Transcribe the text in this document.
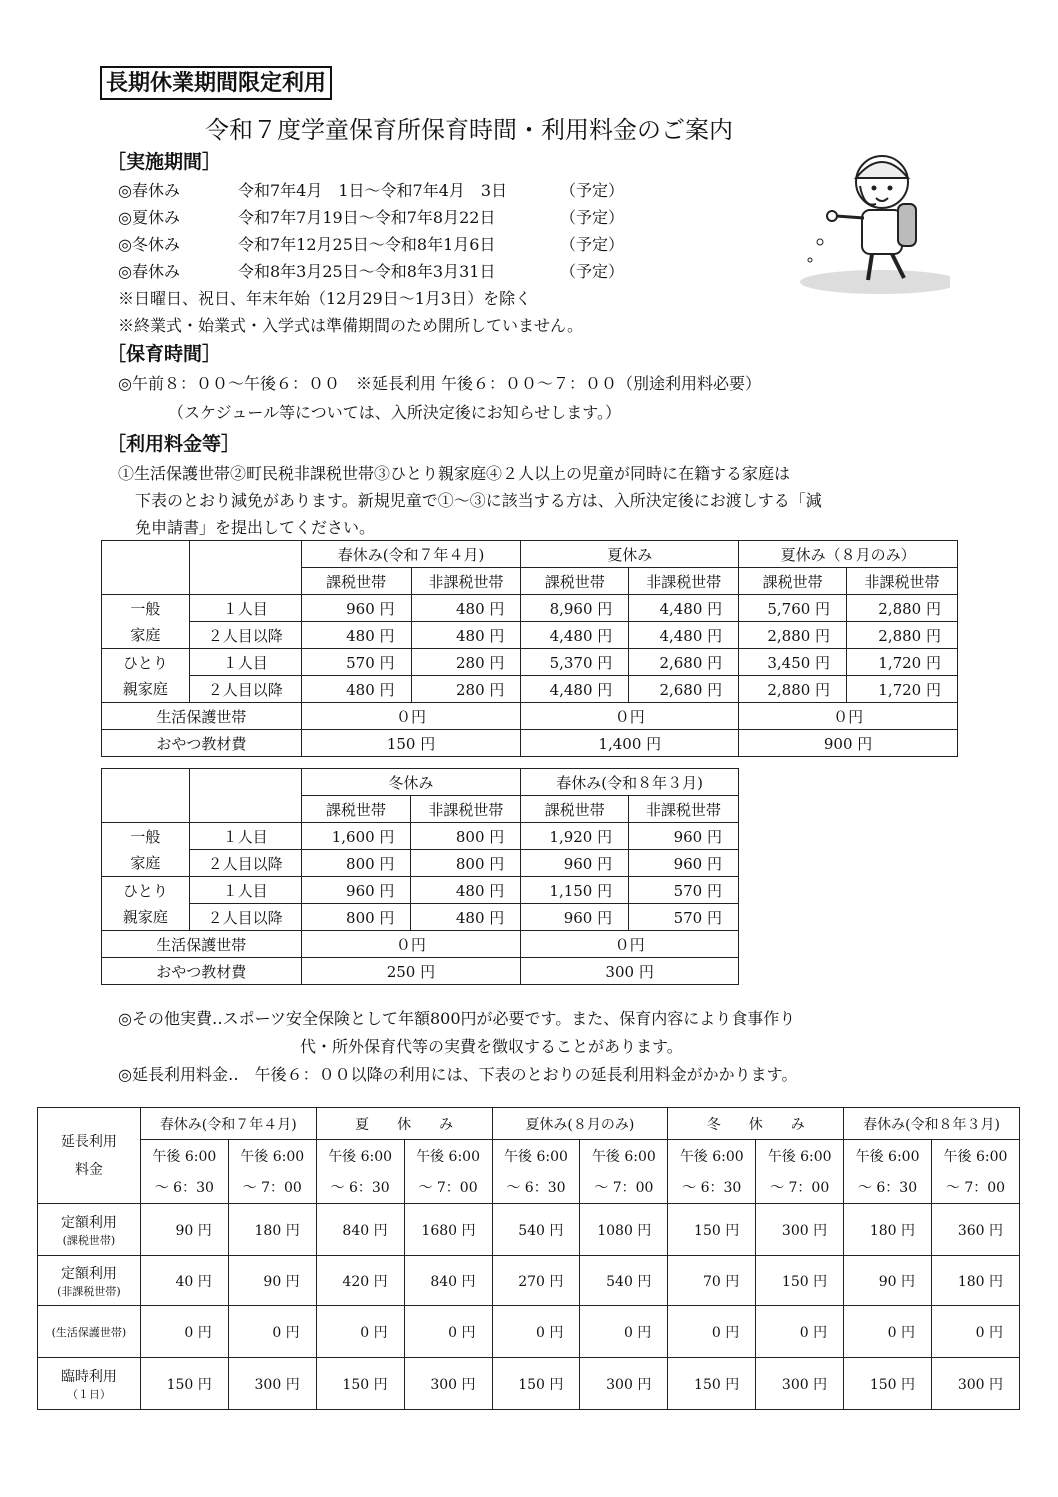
長期休業期間限定利用
令和７度学童保育所保育時間・利用料金のご案内
［実施期間］
◎春休み	令和7年4月　1日～令和7年4月　3日	（予定）
◎夏休み	令和7年7月19日～令和7年8月22日	（予定）
◎冬休み	令和7年12月25日～令和8年1月6日	（予定）
◎春休み	令和8年3月25日～令和8年3月31日	（予定）
※日曜日、祝日、年末年始（12月29日～1月3日）を除く
※終業式・始業式・入学式は準備期間のため開所していません。
［保育時間］
◎午前８：００～午後６：００　※延長利用 午後６：００～７：００（別途利用料必要）
（スケジュール等については、入所決定後にお知らせします。）
［利用料金等］
①生活保護世帯②町民税非課税世帯③ひとり親家庭④２人以上の児童が同時に在籍する家庭は
下表のとおり減免があります。新規児童で①～③に該当する方は、入所決定後にお渡しする「減
免申請書」を提出してください。
		春休み(令和７年４月)		夏休み		夏休み（８月のみ）	
		課税世帯	非課税世帯	課税世帯	非課税世帯	課税世帯	非課税世帯
一般
家庭	１人目	960 円	480 円	8,960 円	4,480 円	5,760 円	2,880 円
	２人目以降	480 円	480 円	4,480 円	4,480 円	2,880 円	2,880 円
ひとり
親家庭	１人目	570 円	280 円	5,370 円	2,680 円	3,450 円	1,720 円
	２人目以降	480 円	280 円	4,480 円	2,680 円	2,880 円	1,720 円
生活保護世帯		０円		０円		０円	
おやつ教材費		150 円		1,400 円		900 円	
		冬休み		春休み(令和８年３月)	
		課税世帯	非課税世帯	課税世帯	非課税世帯
一般
家庭	１人目	1,600 円	800 円	1,920 円	960 円
	２人目以降	800 円	800 円	960 円	960 円
ひとり
親家庭	１人目	960 円	480 円	1,150 円	570 円
	２人目以降	800 円	480 円	960 円	570 円
生活保護世帯		０円		０円	
おやつ教材費		250 円		300 円	
◎その他実費‥スポーツ安全保険として年額800円が必要です。また、保育内容により食事作り
代・所外保育代等の実費を徴収することがあります。
◎延長利用料金‥　午後６：００以降の利用には、下表のとおりの延長利用料金がかかります。
延長利用
料金	春休み(令和７年４月)		夏　　休　　み		夏休み(８月のみ)		冬　　休　　み		春休み(令和８年３月)	
	午後 6:00	午後 6:00	午後 6:00	午後 6:00	午後 6:00	午後 6:00	午後 6:00	午後 6:00	午後 6:00	午後 6:00
	～ 6：30	～ 7：00	～ 6：30	～ 7：00	～ 6：30	～ 7：00	～ 6：30	～ 7：00	～ 6：30	～ 7：00
定額利用
(課税世帯)	90 円	180 円	840 円	1680 円	540 円	1080 円	150 円	300 円	180 円	360 円
定額利用
(非課税世帯)	40 円	90 円	420 円	840 円	270 円	540 円	70 円	150 円	90 円	180 円
(生活保護世帯)	0 円	0 円	0 円	0 円	0 円	0 円	0 円	0 円	0 円	0 円
臨時利用
（１日）	150 円	300 円	150 円	300 円	150 円	300 円	150 円	300 円	150 円	300 円
